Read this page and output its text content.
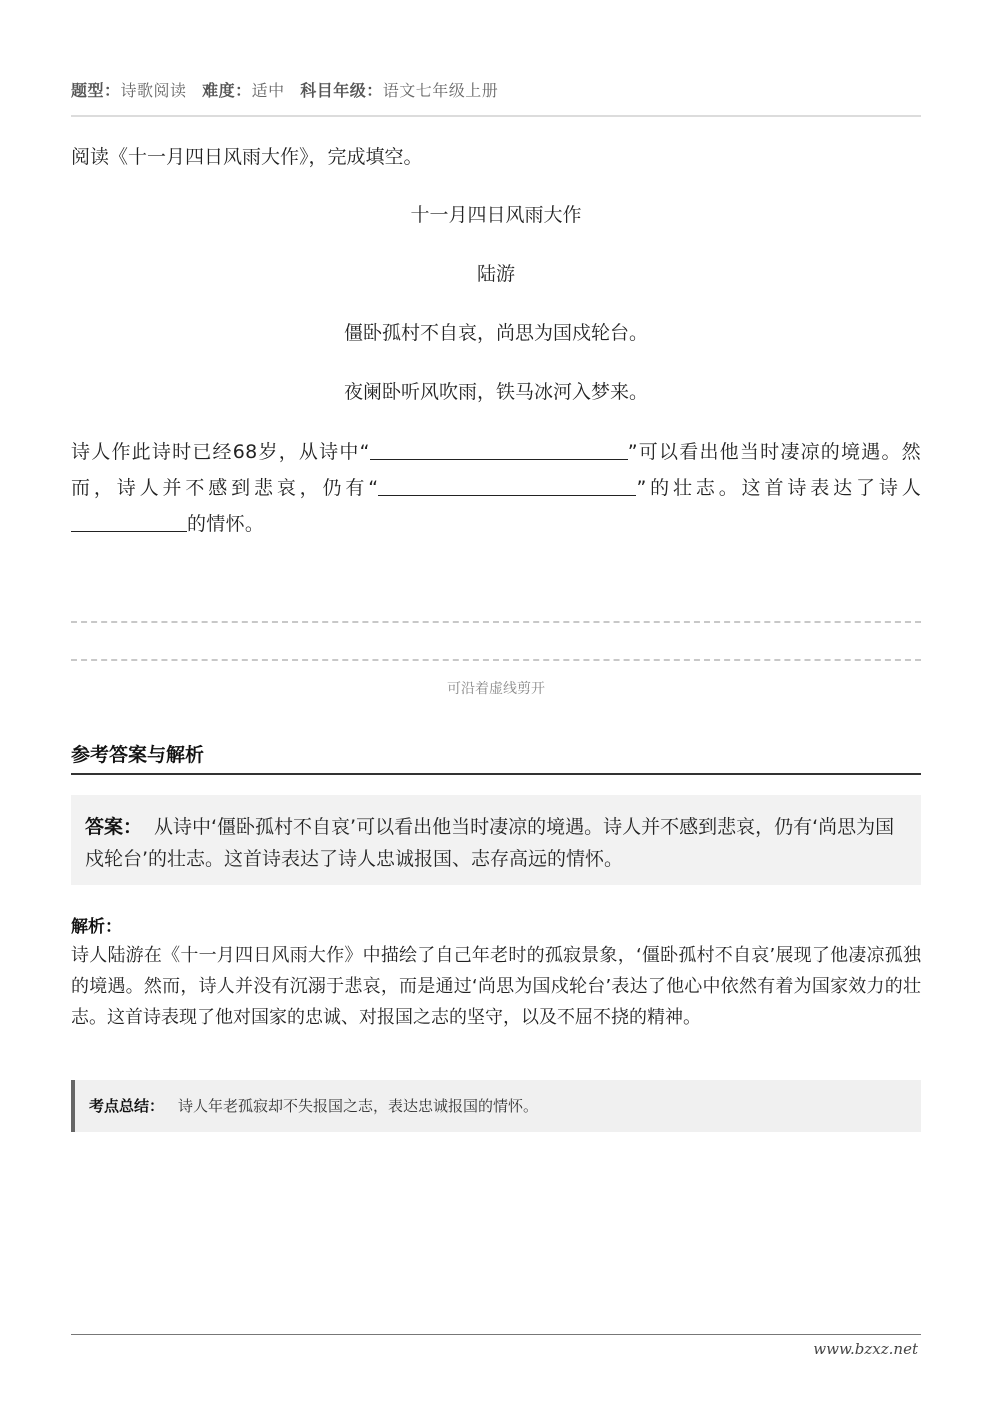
题型：诗歌阅读 难度：适中 科目年级：语文七年级上册
阅读《十一月四日风雨大作》，完成填空。
十一月四日风雨大作
陆游
僵卧孤村不自哀，尚思为国戍轮台。
夜阑卧听风吹雨，铁马冰河入梦来。
诗人作此诗时已经68岁，从诗中“	”可以看出他当时凄凉的境遇。然而，诗人并不感到悲哀，仍有“	”的壮志。这首诗表达了诗人的情怀。
可沿着虚线剪开
参考答案与解析
答案： 从诗中‘僵卧孤村不自哀’可以看出他当时凄凉的境遇。诗人并不感到悲哀，仍有‘尚思为国戍轮台’的壮志。这首诗表达了诗人忠诚报国、志存高远的情怀。
解析：
诗人陆游在《十一月四日风雨大作》中描绘了自己年老时的孤寂景象，‘僵卧孤村不自哀’展现了他凄凉孤独的境遇。然而，诗人并没有沉溺于悲哀，而是通过‘尚思为国戍轮台’表达了他心中依然有着为国家效力的壮志。这首诗表现了他对国家的忠诚、对报国之志的坚守，以及不屈不挠的精神。
考点总结： 诗人年老孤寂却不失报国之志，表达忠诚报国的情怀。
www.bzxz.net
